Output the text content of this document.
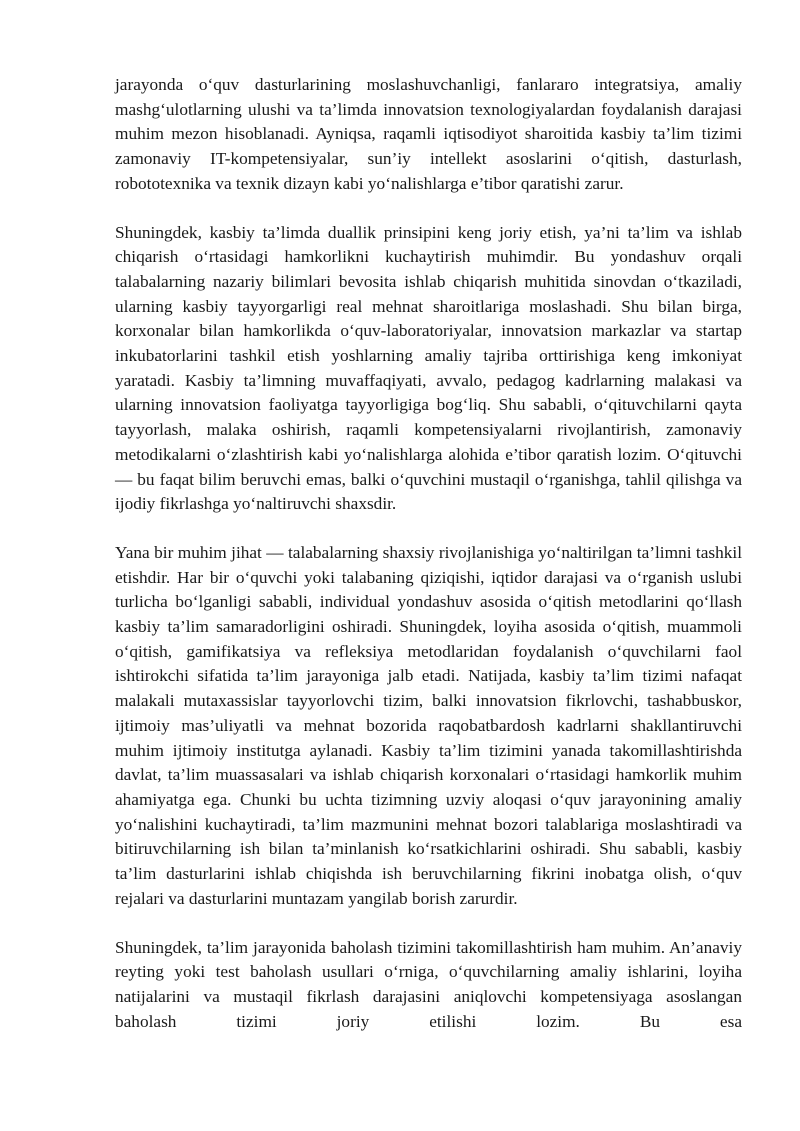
jarayonda o‘quv dasturlarining moslashuvchanligi, fanlararo integratsiya, amaliy mashg‘ulotlarning ulushi va ta’limda innovatsion texnologiyalardan foydalanish darajasi muhim mezon hisoblanadi. Ayniqsa, raqamli iqtisodiyot sharoitida kasbiy ta’lim tizimi zamonaviy IT-kompetensiyalar, sun’iy intellekt asoslarini o‘qitish, dasturlash, robototexnika va texnik dizayn kabi yo‘nalishlarga e’tibor qaratishi zarur.

Shuningdek, kasbiy ta’limda duallik prinsipini keng joriy etish, ya’ni ta’lim va ishlab chiqarish o‘rtasidagi hamkorlikni kuchaytirish muhimdir. Bu yondashuv orqali talabalarning nazariy bilimlari bevosita ishlab chiqarish muhitida sinovdan o‘tkaziladi, ularning kasbiy tayyorgarligi real mehnat sharoitlariga moslashadi. Shu bilan birga, korxonalar bilan hamkorlikda o‘quv-laboratoriyalar, innovatsion markazlar va startap inkubatorlarini tashkil etish yoshlarning amaliy tajriba orttirishiga keng imkoniyat yaratadi. Kasbiy ta’limning muvaffaqiyati, avvalo, pedagog kadrlarning malakasi va ularning innovatsion faoliyatga tayyorligiga bog‘liq. Shu sababli, o‘qituvchilarni qayta tayyorlash, malaka oshirish, raqamli kompetensiyalarni rivojlantirish, zamonaviy metodikalarni o‘zlashtirish kabi yo‘nalishlarga alohida e’tibor qaratish lozim. O‘qituvchi — bu faqat bilim beruvchi emas, balki o‘quvchini mustaqil o‘rganishga, tahlil qilishga va ijodiy fikrlashga yo‘naltiruvchi shaxsdir.

Yana bir muhim jihat — talabalarning shaxsiy rivojlanishiga yo‘naltirilgan ta’limni tashkil etishdir. Har bir o‘quvchi yoki talabaning qiziqishi, iqtidor darajasi va o‘rganish uslubi turlicha bo‘lganligi sababli, individual yondashuv asosida o‘qitish metodlarini qo‘llash kasbiy ta’lim samaradorligini oshiradi. Shuningdek, loyiha asosida o‘qitish, muammoli o‘qitish, gamifikatsiya va refleksiya metodlaridan foydalanish o‘quvchilarni faol ishtirokchi sifatida ta’lim jarayoniga jalb etadi. Natijada, kasbiy ta’lim tizimi nafaqat malakali mutaxassislar tayyorlovchi tizim, balki innovatsion fikrlovchi, tashabbuskor, ijtimoiy mas’uliyatli va mehnat bozorida raqobatbardosh kadrlarni shakllantiruvchi muhim ijtimoiy institutga aylanadi. Kasbiy ta’lim tizimini yanada takomillashtirishda davlat, ta’lim muassasalari va ishlab chiqarish korxonalari o‘rtasidagi hamkorlik muhim ahamiyatga ega. Chunki bu uchta tizimning uzviy aloqasi o‘quv jarayonining amaliy yo‘nalishini kuchaytiradi, ta’lim mazmunini mehnat bozori talablariga moslashtiradi va bitiruvchilarning ish bilan ta’minlanish ko‘rsatkichlarini oshiradi. Shu sababli, kasbiy ta’lim dasturlarini ishlab chiqishda ish beruvchilarning fikrini inobatga olish, o‘quv rejalari va dasturlarini muntazam yangilab borish zarurdir.

Shuningdek, ta’lim jarayonida baholash tizimini takomillashtirish ham muhim. An’anaviy reyting yoki test baholash usullari o‘rniga, o‘quvchilarning amaliy ishlarini, loyiha natijalarini va mustaqil fikrlash darajasini aniqlovchi kompetensiyaga asoslangan baholash tizimi joriy etilishi lozim. Bu esa
